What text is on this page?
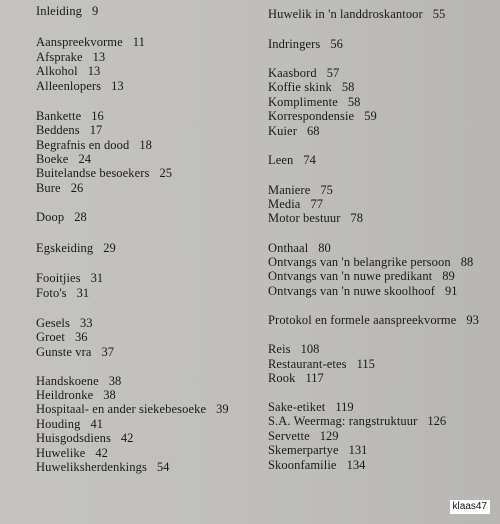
Inleiding 9
Aanspreekvorme 11
Afsprake 13
Alkohol 13
Alleenlopers 13
Bankette 16
Beddens 17
Begrafnis en dood 18
Boeke 24
Buitelandse besoekers 25
Bure 26
Doop 28
Egskeiding 29
Fooitjies 31
Foto's 31
Gesels 33
Groet 36
Gunste vra 37
Handskoene 38
Heildronke 38
Hospitaal- en ander siekebesoeke 39
Houding 41
Huisgodsdiens 42
Huwelike 42
Huweliksherdenkings 54
Huwelik in 'n landdroskantoor 55
Indringers 56
Kaasbord 57
Koffie skink 58
Komplimente 58
Korrespondensie 59
Kuier 68
Leen 74
Maniere 75
Media 77
Motor bestuur 78
Onthaal 80
Ontvangs van 'n belangrike persoon 88
Ontvangs van 'n nuwe predikant 89
Ontvangs van 'n nuwe skoolhoof 91
Protokol en formele aanspreekvorme 93
Reis 108
Restaurant-etes 115
Rook 117
Sake-etiket 119
S.A. Weermag: rangstruktuur 126
Servette 129
Skemerpartye 131
Skoonfamilie 134
klaas47
